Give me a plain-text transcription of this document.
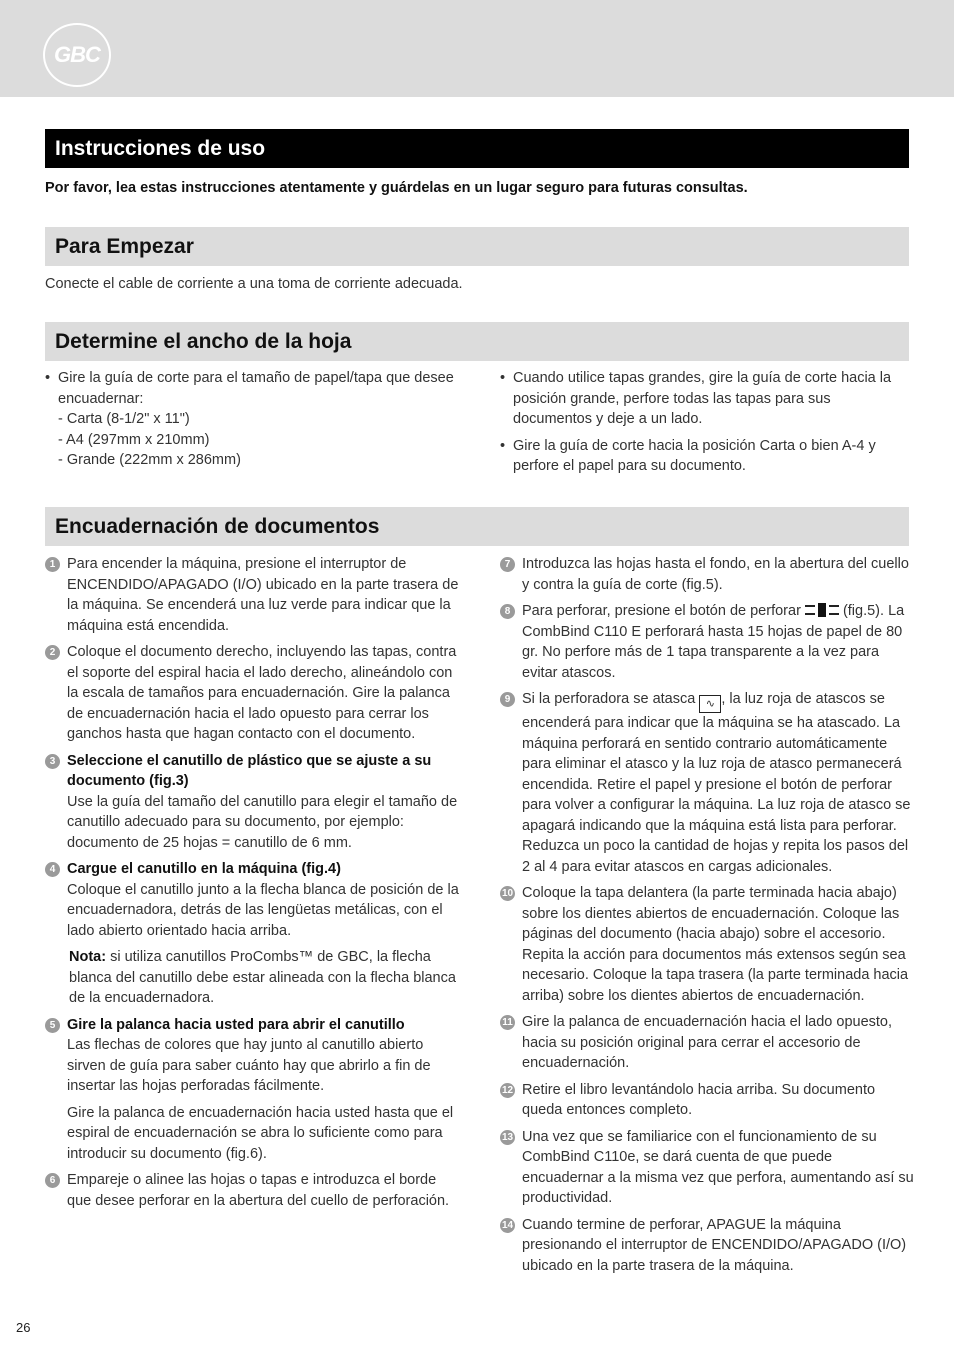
GBC
Instrucciones de uso
Por favor, lea estas instrucciones atentamente y guárdelas en un lugar seguro para futuras consultas.
Para Empezar
Conecte el cable de corriente a una toma de corriente adecuada.
Determine el ancho de la hoja
• Gire la guía de corte para el tamaño de papel/tapa que desee encuadernar:
- Carta (8-1/2" x 11")
- A4 (297mm x 210mm)
- Grande (222mm x 286mm)
• Cuando utilice tapas grandes, gire la guía de corte hacia la posición grande, perfore todas las tapas para sus documentos y deje a un lado.
• Gire la guía de corte hacia la posición Carta o bien A-4 y perfore el papel para su documento.
Encuadernación de documentos
1 Para encender la máquina, presione el interruptor de ENCENDIDO/APAGADO (I/O) ubicado en la parte trasera de la máquina. Se encenderá una luz verde para indicar que la máquina está encendida.
2 Coloque el documento derecho, incluyendo las tapas, contra el soporte del espiral hacia el lado derecho, alineándolo con la escala de tamaños para encuadernación. Gire la palanca de encuadernación hacia el lado opuesto para cerrar los ganchos hasta que hagan contacto con el documento.
3 Seleccione el canutillo de plástico que se ajuste a su documento (fig.3)
Use la guía del tamaño del canutillo para elegir el tamaño de canutillo adecuado para su documento, por ejemplo: documento de 25 hojas = canutillo de 6 mm.
4 Cargue el canutillo en la máquina (fig.4)
Coloque el canutillo junto a la flecha blanca de posición de la encuadernadora, detrás de las lengüetas metálicas, con el lado abierto orientado hacia arriba.
Nota: si utiliza canutillos ProCombs™ de GBC, la flecha blanca del canutillo debe estar alineada con la flecha blanca de la encuadernadora.
5 Gire la palanca hacia usted para abrir el canutillo
Las flechas de colores que hay junto al canutillo abierto sirven de guía para saber cuánto hay que abrirlo a fin de insertar las hojas perforadas fácilmente.
Gire la palanca de encuadernación hacia usted hasta que el espiral de encuadernación se abra lo suficiente como para introducir su documento (fig.6).
6 Empareje o alinee las hojas o tapas e introduzca el borde que desee perforar en la abertura del cuello de perforación.
7 Introduzca las hojas hasta el fondo, en la abertura del cuello y contra la guía de corte (fig.5).
8 Para perforar, presione el botón de perforar
(fig.5). La CombBind C110 E perforará hasta 15 hojas de papel de 80 gr. No perfore más de 1 tapa transparente a la vez para evitar atascos.
9 Si la perforadora se atasca ∿ , la luz roja de atascos se encenderá para indicar que la máquina se ha atascado. La máquina perforará en sentido contrario automáticamente para eliminar el atasco y la luz roja de atasco permanecerá encendida. Retire el papel y presione el botón de perforar para volver a configurar la máquina. La luz roja de atasco se apagará indicando que la máquina está lista para perforar. Reduzca un poco la cantidad de hojas y repita los pasos del 2 al 4 para evitar atascos en cargas adicionales.
10 Coloque la tapa delantera (la parte terminada hacia abajo) sobre los dientes abiertos de encuadernación. Coloque las páginas del documento (hacia abajo) sobre el accesorio. Repita la acción para documentos más extensos según sea necesario. Coloque la tapa trasera (la parte terminada hacia arriba) sobre los dientes abiertos de encuadernación.
11 Gire la palanca de encuadernación hacia el lado opuesto, hacia su posición original para cerrar el accesorio de encuadernación.
12 Retire el libro levantándolo hacia arriba. Su documento queda entonces completo.
13 Una vez que se familiarice con el funcionamiento de su CombBind C110e, se dará cuenta de que puede encuadernar a la misma vez que perfora, aumentando así su productividad.
14 Cuando termine de perforar, APAGUE la máquina presionando el interruptor de ENCENDIDO/APAGADO (I/O) ubicado en la parte trasera de la máquina.
26
